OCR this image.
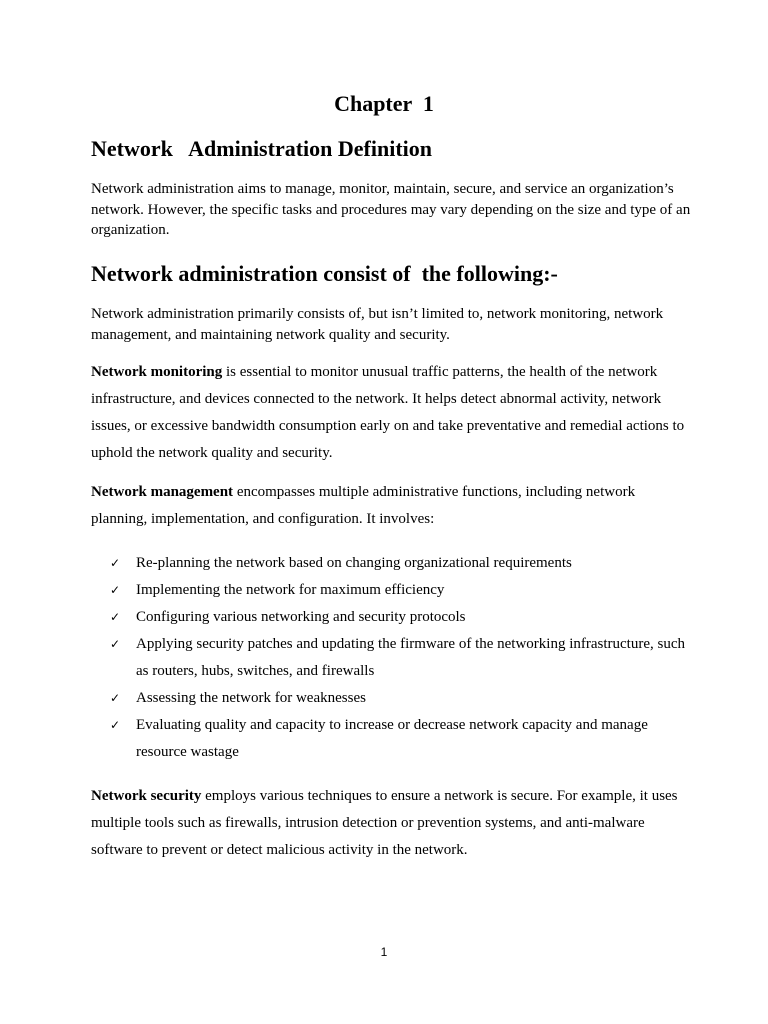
Chapter  1
Network   Administration Definition

Network administration aims to manage, monitor, maintain, secure, and service an organization’s network. However, the specific tasks and procedures may vary depending on the size and type of an organization.

Network administration consist of  the following:-

Network administration primarily consists of, but isn’t limited to, network monitoring, network management, and maintaining network quality and security.

Network monitoring is essential to monitor unusual traffic patterns, the health of the network infrastructure, and devices connected to the network. It helps detect abnormal activity, network issues, or excessive bandwidth consumption early on and take preventative and remedial actions to uphold the network quality and security.

Network management encompasses multiple administrative functions, including network planning, implementation, and configuration. It involves:

✓	Re-planning the network based on changing organizational requirements
✓	Implementing the network for maximum efficiency
✓	Configuring various networking and security protocols
✓	Applying security patches and updating the firmware of the networking infrastructure, such as routers, hubs, switches, and firewalls
✓	Assessing the network for weaknesses
✓	Evaluating quality and capacity to increase or decrease network capacity and manage resource wastage

Network security employs various techniques to ensure a network is secure. For example, it uses multiple tools such as firewalls, intrusion detection or prevention systems, and anti-malware software to prevent or detect malicious activity in the network.

1
